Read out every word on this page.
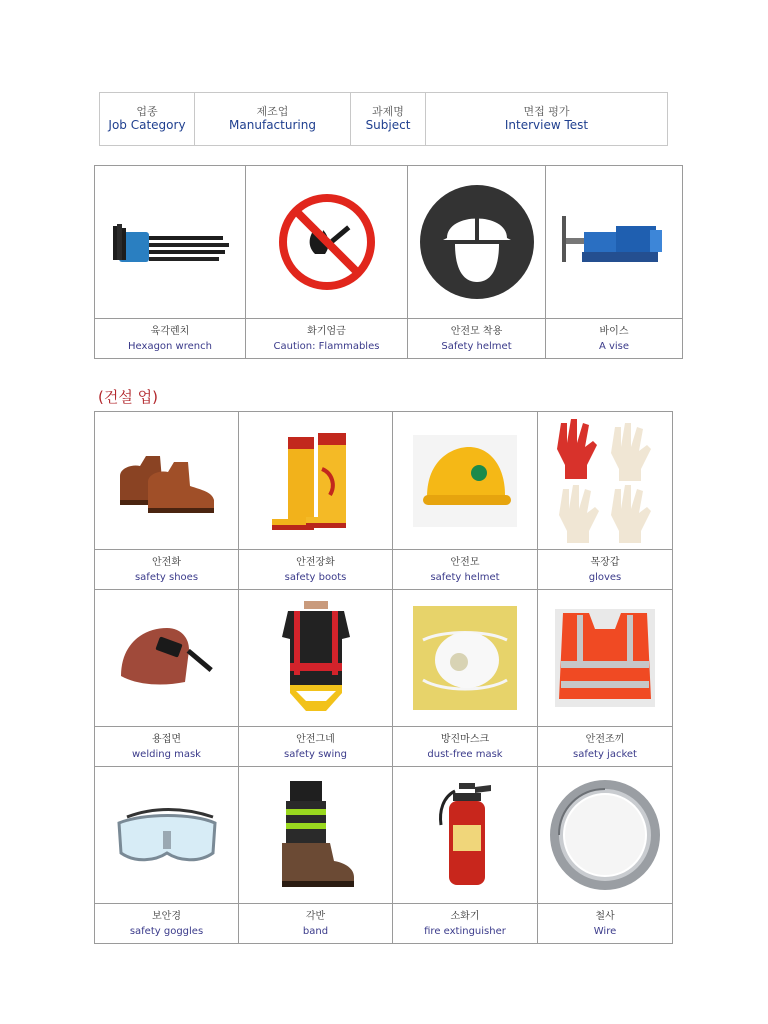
업종
Job Category

제조업
Manufacturing

과제명
Subject

면접 평가
Interview Test

육각렌치
Hexagon wrench	화기엄금
Caution: Flammables	안전모 착용
Safety helmet	바이스
A vise
(건설 업)

안전화
safety shoes	안전장화
safety boots	안전모
safety helmet	목장갑
gloves

용접면
welding mask	안전그네
safety swing	방진마스크
dust-free mask	안전조끼
safety jacket

보안경
safety goggles	각반
band	소화기
fire extinguisher	철사
Wire
